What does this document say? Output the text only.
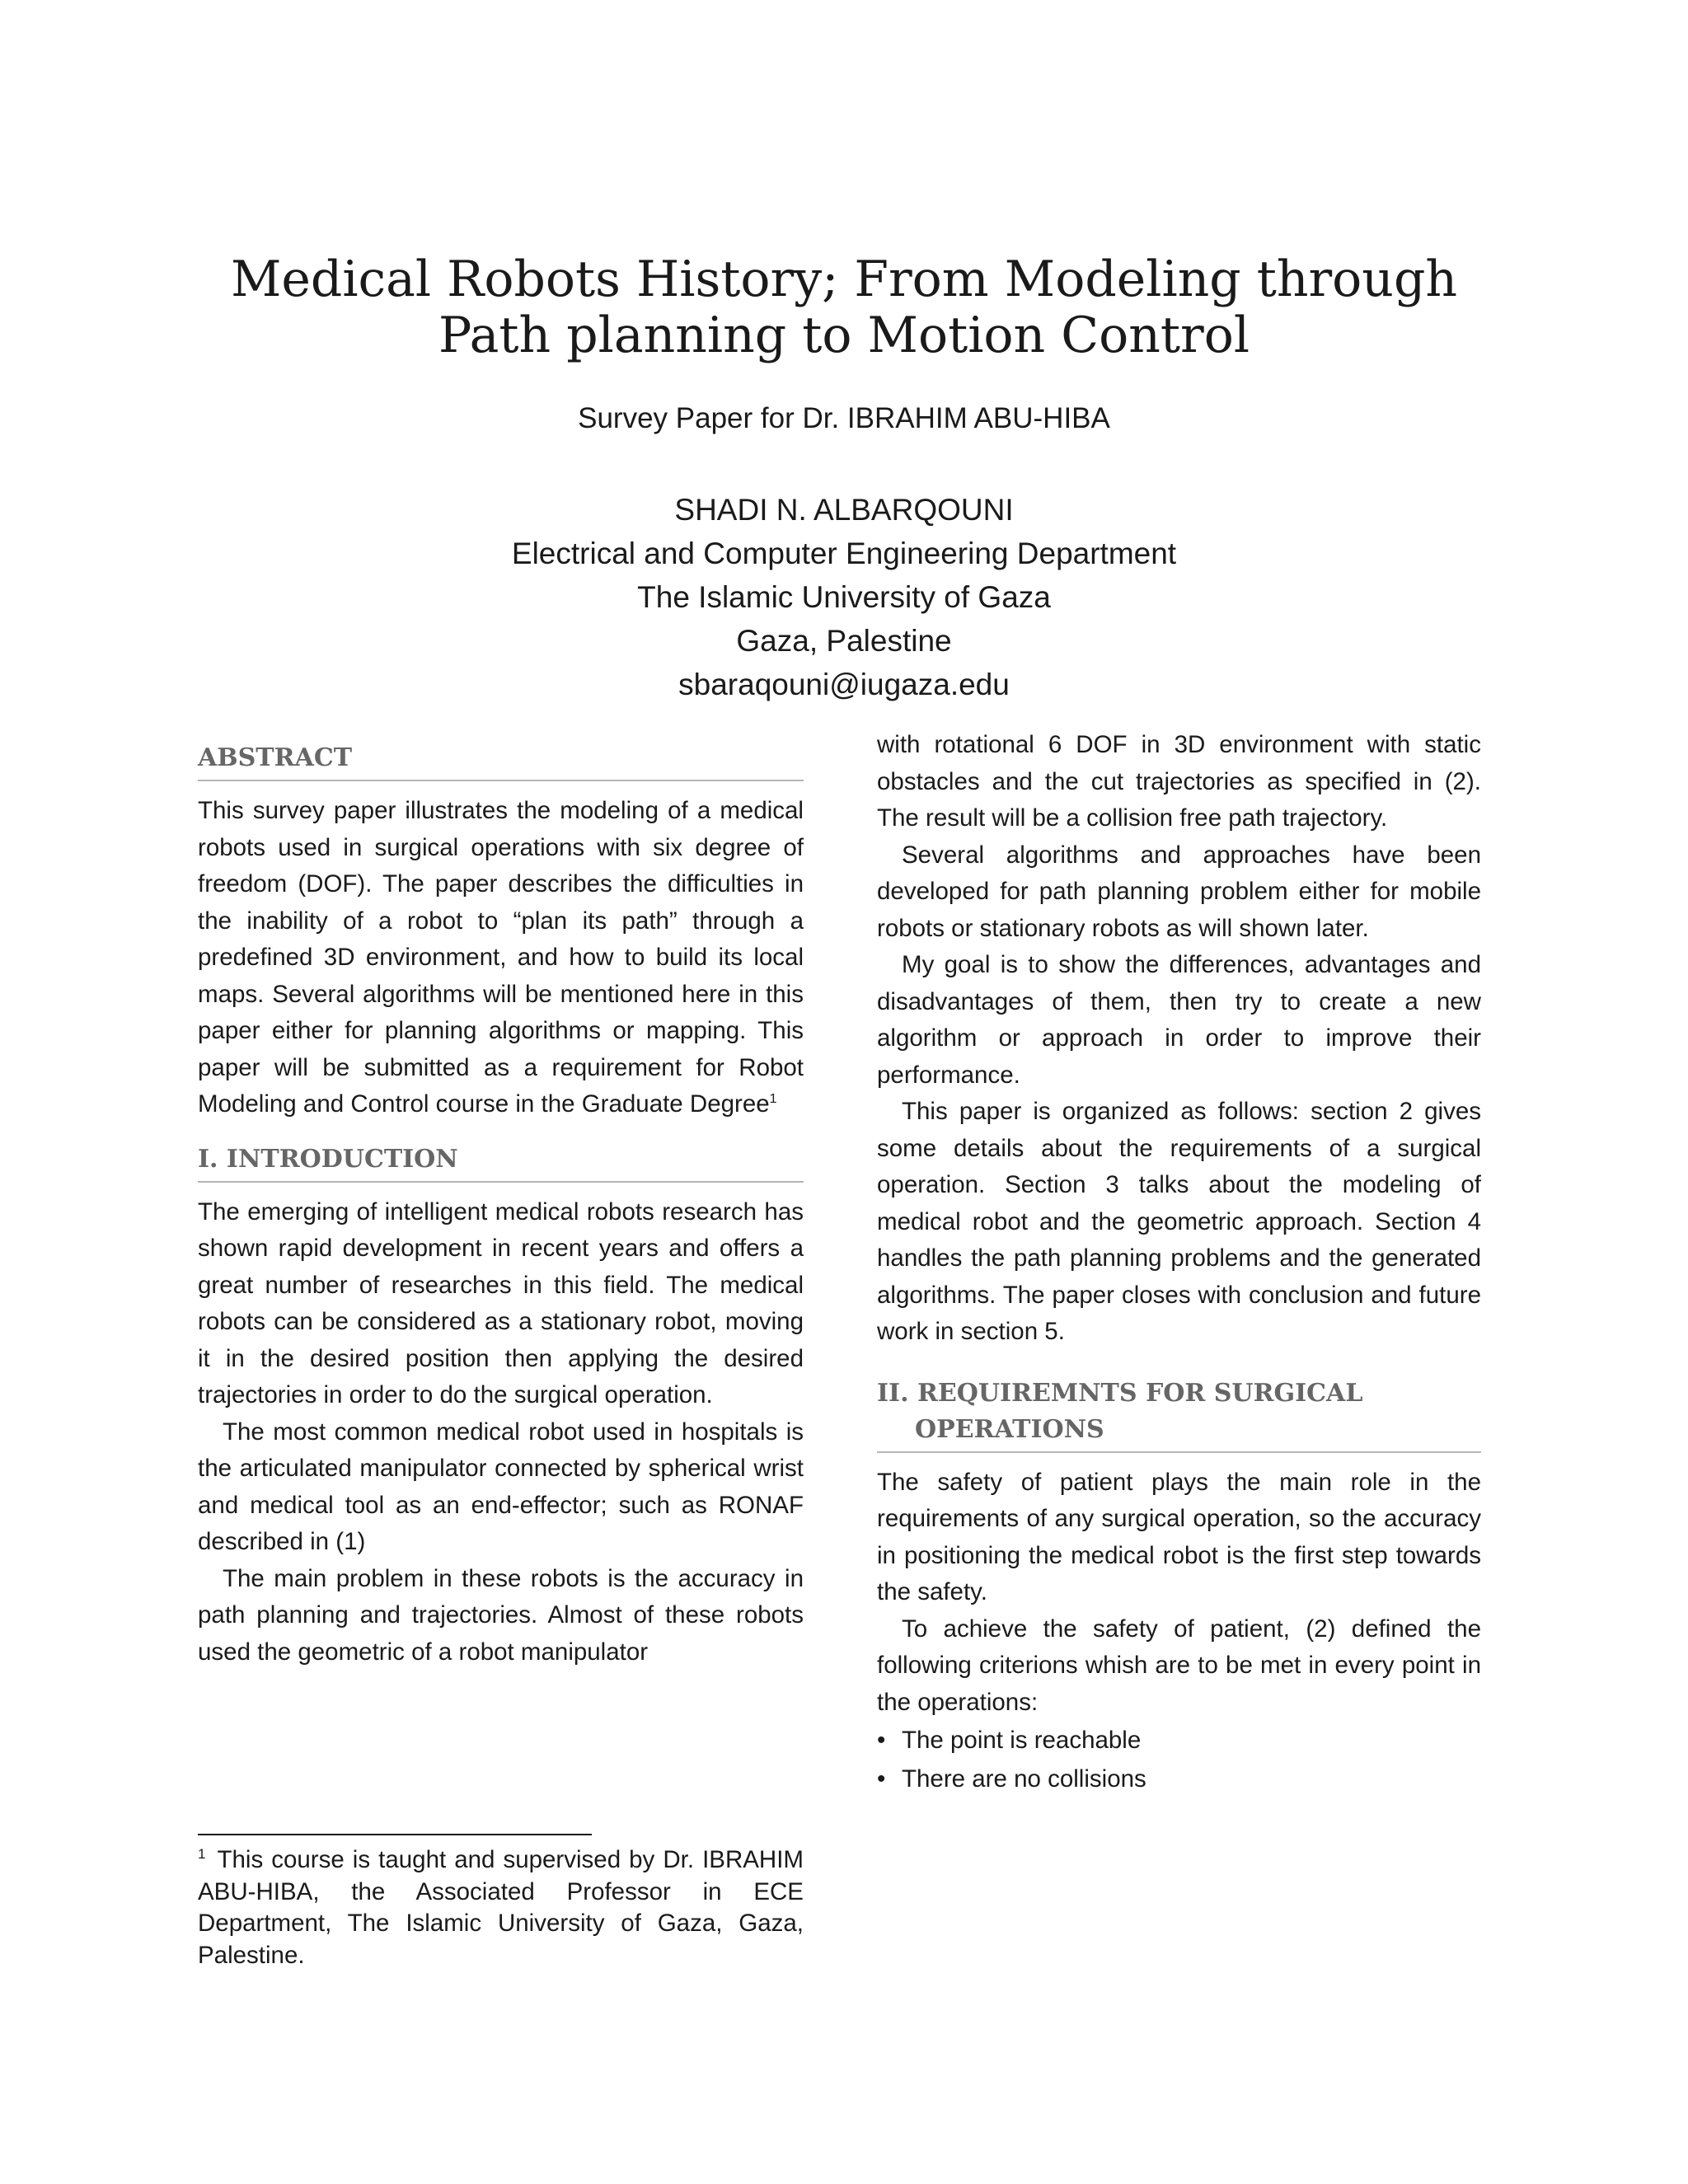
Medical Robots History; From Modeling through
Path planning to Motion Control
Survey Paper for Dr. IBRAHIM ABU-HIBA
SHADI N. ALBARQOUNI
Electrical and Computer Engineering Department
The Islamic University of Gaza
Gaza, Palestine
sbaraqouni@iugaza.edu
ABSTRACT

This survey paper illustrates the modeling of a medical robots used in surgical operations with six degree of freedom (DOF). The paper describes the difficulties in the inability of a robot to “plan its path” through a predefined 3D environment, and how to build its local maps. Several algorithms will be mentioned here in this paper either for planning algorithms or mapping. This paper will be submitted as a requirement for Robot Modeling and Control course in the Graduate Degree$^1$

I. INTRODUCTION

The emerging of intelligent medical robots research has shown rapid development in recent years and offers a great number of researches in this field. The medical robots can be considered as a stationary robot, moving it in the desired position then applying the desired trajectories in order to do the surgical operation.

The most common medical robot used in hospitals is the articulated manipulator connected by spherical wrist and medical tool as an end-effector; such as RONAF described in (1)

The main problem in these robots is the accuracy in path planning and trajectories. Almost of these robots used the geometric of a robot manipulator

$^1$ This course is taught and supervised by Dr. IBRAHIM ABU-HIBA, the Associated Professor in ECE Department, The Islamic University of Gaza, Gaza, Palestine.

with rotational 6 DOF in 3D environment with static obstacles and the cut trajectories as specified in (2). The result will be a collision free path trajectory.

Several algorithms and approaches have been developed for path planning problem either for mobile robots or stationary robots as will shown later.

My goal is to show the differences, advantages and disadvantages of them, then try to create a new algorithm or approach in order to improve their performance.

This paper is organized as follows: section 2 gives some details about the requirements of a surgical operation. Section 3 talks about the modeling of medical robot and the geometric approach. Section 4 handles the path planning problems and the generated algorithms. The paper closes with conclusion and future work in section 5.

II. REQUIREMNTS FOR SURGICAL
OPERATIONS

The safety of patient plays the main role in the requirements of any surgical operation, so the accuracy in positioning the medical robot is the first step towards the safety.

To achieve the safety of patient, (2) defined the following criterions whish are to be met in every point in the operations:

• The point is reachable
• There are no collisions
